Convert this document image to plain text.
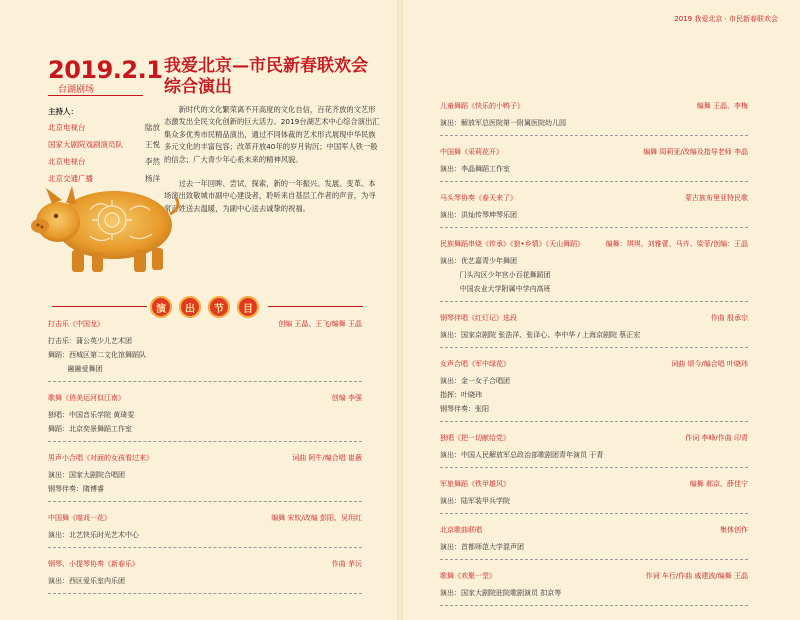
2019 我爱北京 · 市民新春联欢会
2019.2.1
台湖剧场
我爱北京—市民新春联欢会
综合演出
主持人：
北京电视台	陆放
国家大剧院戏剧演员队	王悦
北京电视台	李然
北京交通广播	杨洋

新时代的文化繁荣离不开高度的文化自信，百花齐放的文艺形态激发出全民文化创新的巨大活力。2019台湖艺术中心综合演出汇集众多优秀市民精品演出，通过不同体裁的艺术形式展现中华民族多元文化的丰富包容；改革开放40年的岁月钩沉；中国军人铁一般的信念；广大青少年心系未来的精神风貌。

过去一年回眸、尝试、探索，新的一年振兴、发展、变革。本场演出致敬城市副中心建设者，聆听来自基层工作者的声音，为寻常百姓送去温暖，为副中心送去诚挚的祝福。

演	出	节	目
打击乐《中国龙》	创编 王晶、王飞/编舞 王晶
打击乐： 蒲公英少儿艺术团
舞蹈： 西城区第二文化馆舞蹈队
融融爱舞团
歌舞《俏美运河似江南》	创编 李强
独唱： 中国音乐学院 黄琦雯
舞蹈： 北京奕景舞蹈工作室
男声小合唱《对面的女孩看过来》	词曲 阿牛/编合唱 崔薇
演出： 国家大剧院合唱团
钢琴伴奏： 隋博睿
中国舞《喵戏一花》	编舞 宋钦/改编 彭阳、吴玥红
演出： 北艺快乐时光艺术中心
钢琴、小提琴协奏《新春乐》	作曲 茅沅
演出： 西区爱乐室内乐团
儿童舞蹈《快乐的小鸭子》	编舞 王晶、李梅
演出： 解放军总医院第一附属医院幼儿园
中国舞《采莉花开》	编舞 周莉亚/改编及指导老师 李晶
演出： 李晶舞蹈工作室
马头琴协奏《春天来了》	蒙古族布里亚特民歌
演出： 洪灿传琴坤琴乐团
民族舞蹈串烧《传承》《狼•乡情》《天山舞蹈》	编舞：琪琪、刘雅蕾、马卉、梁菲/创编：王晶
演出： 优艺嘉青少年舞团
门头沟区少年宫小百花舞蹈团
中国农业大学附属中学内高班
钢琴伴唱《红灯记》选段	作曲 殷承宗
演出： 国家京剧院 张浩洋、张译心、李中华 / 上海京剧院 蔡正宏
女声合唱《军中绿花》	词曲 颂今/编合唱 叶晓玮
演出： 金一女子合唱团
指挥： 叶晓玮
钢琴伴奏： 张阳
独唱《把一切献给党》	作词 李峰/作曲 印青
演出： 中国人民解放军总政治部歌剧团青年演员 于青
军旅舞蹈《铁甲雄风》	编舞 郝京、薛佳宁
演出： 陆军装甲兵学院
北京歌曲联唱	集体创作
演出： 首都师范大学混声团
歌舞《欢聚一堂》	作词 车行/作曲 戚建波/编舞 王晶
演出： 国家大剧院驻院歌剧演员 扣京等
